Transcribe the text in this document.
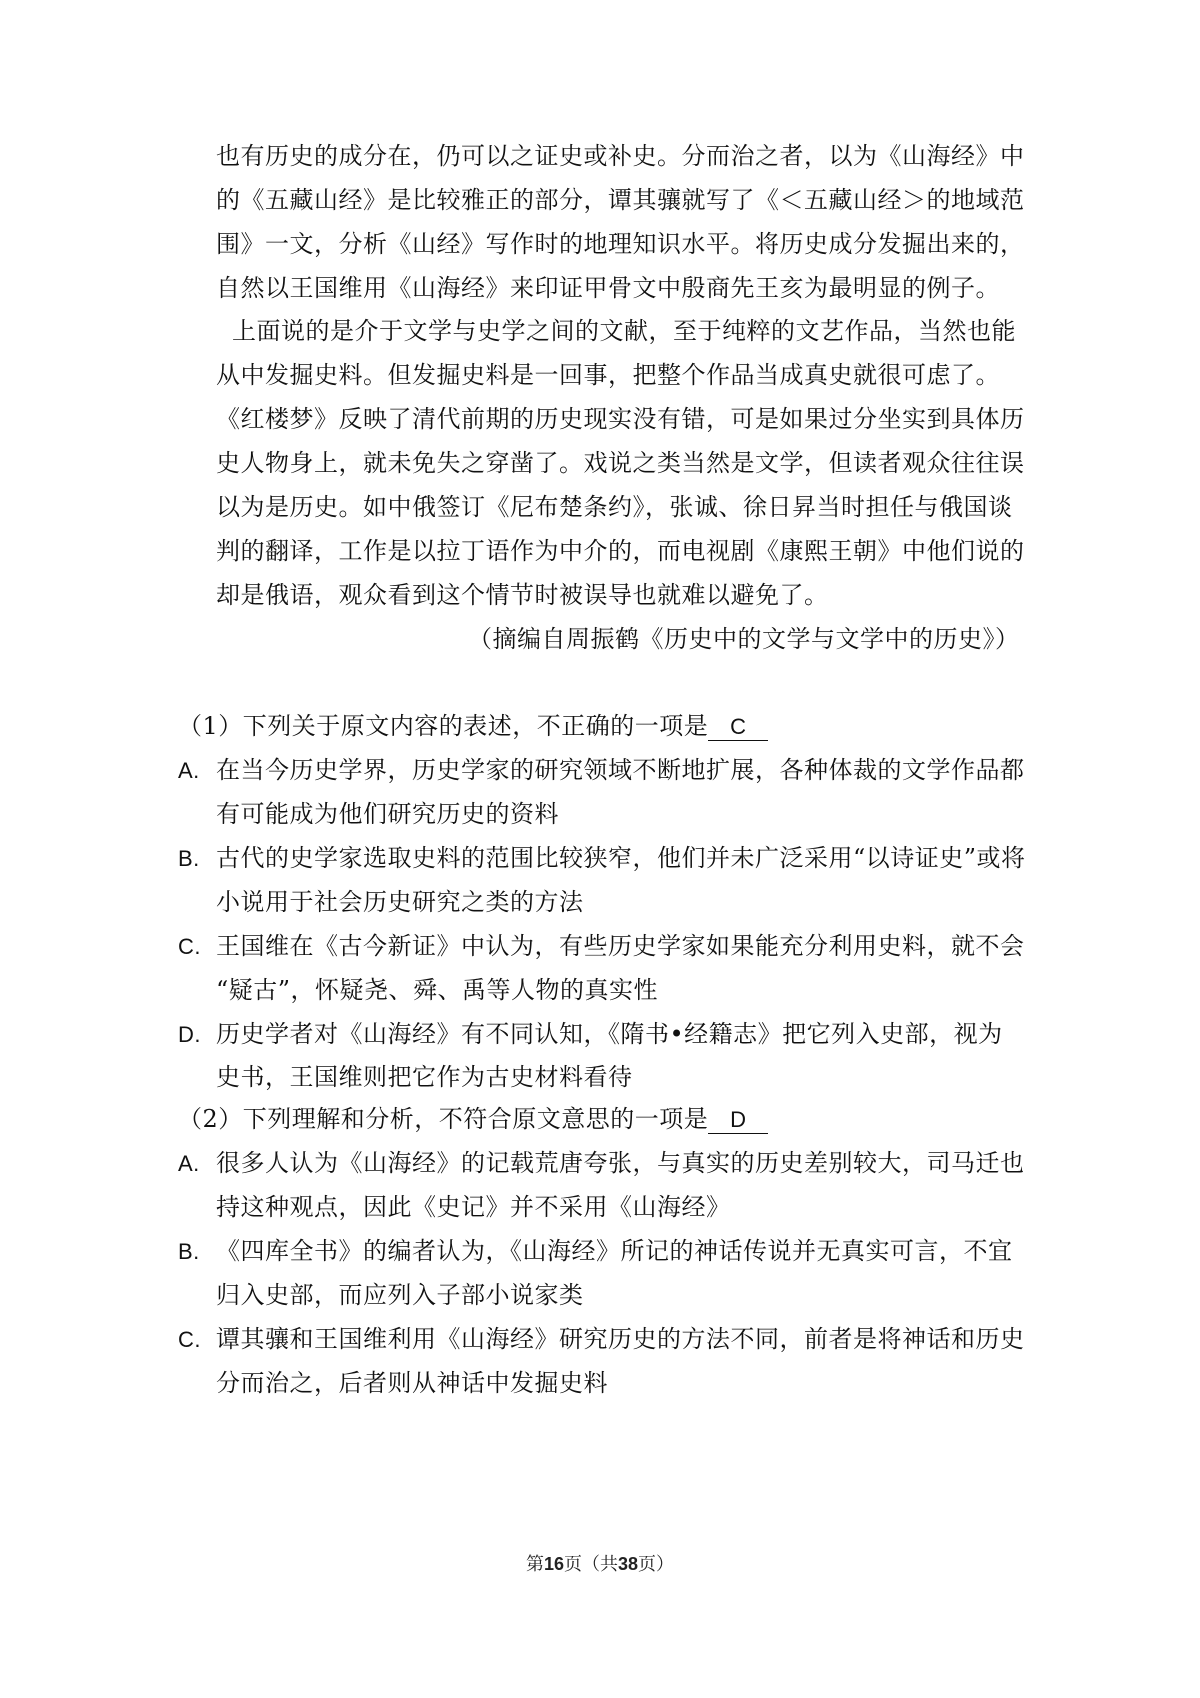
也有历史的成分在，仍可以之证史或补史。分而治之者，以为《山海经》中
的《五藏山经》是比较雅正的部分，谭其骧就写了《＜五藏山经＞的地域范
围》一文，分析《山经》写作时的地理知识水平。将历史成分发掘出来的，
自然以王国维用《山海经》来印证甲骨文中殷商先王亥为最明显的例子。
上面说的是介于文学与史学之间的文献，至于纯粹的文艺作品，当然也能
从中发掘史料。但发掘史料是一回事，把整个作品当成真史就很可虑了。
《红楼梦》反映了清代前期的历史现实没有错，可是如果过分坐实到具体历
史人物身上，就未免失之穿凿了。戏说之类当然是文学，但读者观众往往误
以为是历史。如中俄签订《尼布楚条约》，张诚、徐日昇当时担任与俄国谈
判的翻译，工作是以拉丁语作为中介的，而电视剧《康熙王朝》中他们说的
却是俄语，观众看到这个情节时被误导也就难以避免了。
（摘编自周振鹤《历史中的文学与文学中的历史》）
（1）下列关于原文内容的表述，不正确的一项是 C
A. 在当今历史学界，历史学家的研究领域不断地扩展，各种体裁的文学作品都
有可能成为他们研究历史的资料
B. 古代的史学家选取史料的范围比较狭窄，他们并未广泛采用“以诗证史”或将
小说用于社会历史研究之类的方法
C. 王国维在《古今新证》中认为，有些历史学家如果能充分利用史料，就不会
“疑古”，怀疑尧、舜、禹等人物的真实性
D. 历史学者对《山海经》有不同认知，《隋书•经籍志》把它列入史部，视为
史书，王国维则把它作为古史材料看待
（2）下列理解和分析，不符合原文意思的一项是 D
A. 很多人认为《山海经》的记载荒唐夸张，与真实的历史差别较大，司马迁也
持这种观点，因此《史记》并不采用《山海经》
B. 《四库全书》的编者认为，《山海经》所记的神话传说并无真实可言，不宜
归入史部，而应列入子部小说家类
C. 谭其骧和王国维利用《山海经》研究历史的方法不同，前者是将神话和历史
分而治之，后者则从神话中发掘史料
第16页（共38页）
